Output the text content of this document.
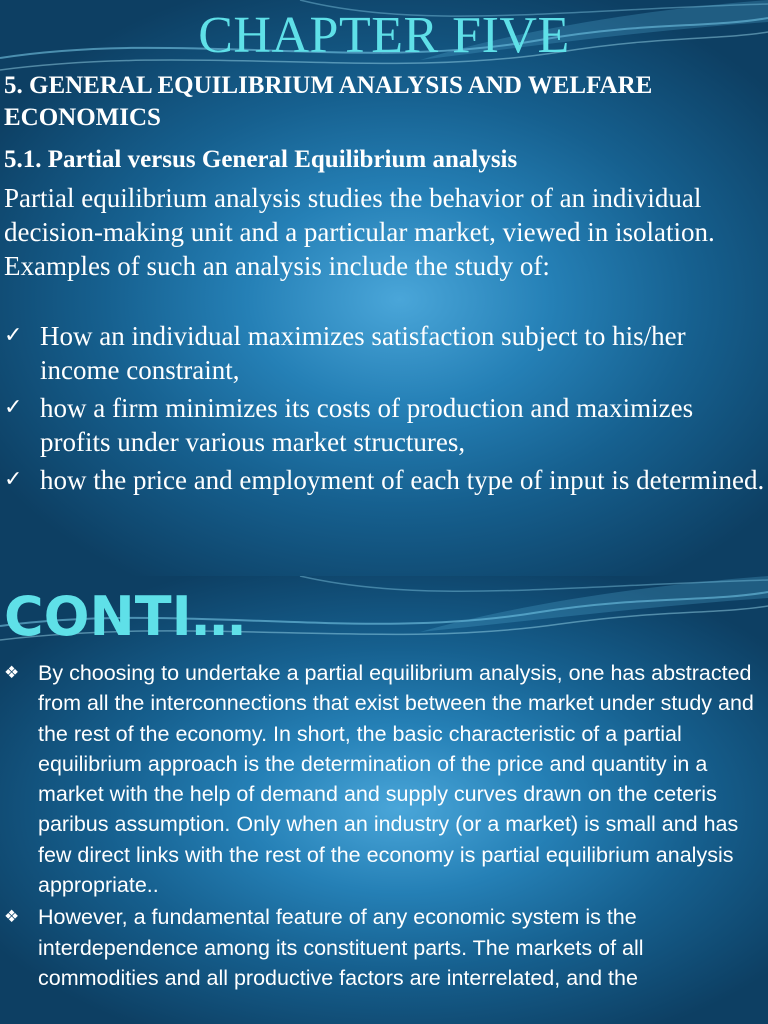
CHAPTER FIVE
5. GENERAL EQUILIBRIUM ANALYSIS AND WELFARE ECONOMICS
5.1. Partial versus General Equilibrium analysis
Partial equilibrium analysis studies the behavior of an individual decision-making unit and a particular market, viewed in isolation. Examples of such an analysis include the study of:
✓ How an individual maximizes satisfaction subject to his/her income constraint,
✓ how a firm minimizes its costs of production and maximizes profits under various market structures,
✓ how the price and employment of each type of input is determined.
CONTI…
❖ By choosing to undertake a partial equilibrium analysis, one has abstracted from all the interconnections that exist between the market under study and the rest of the economy. In short, the basic characteristic of a partial equilibrium approach is the determination of the price and quantity in a market with the help of demand and supply curves drawn on the ceteris paribus assumption. Only when an industry (or a market) is small and has few direct links with the rest of the economy is partial equilibrium analysis appropriate..
❖ However, a fundamental feature of any economic system is the interdependence among its constituent parts. The markets of all commodities and all productive factors are interrelated, and the
